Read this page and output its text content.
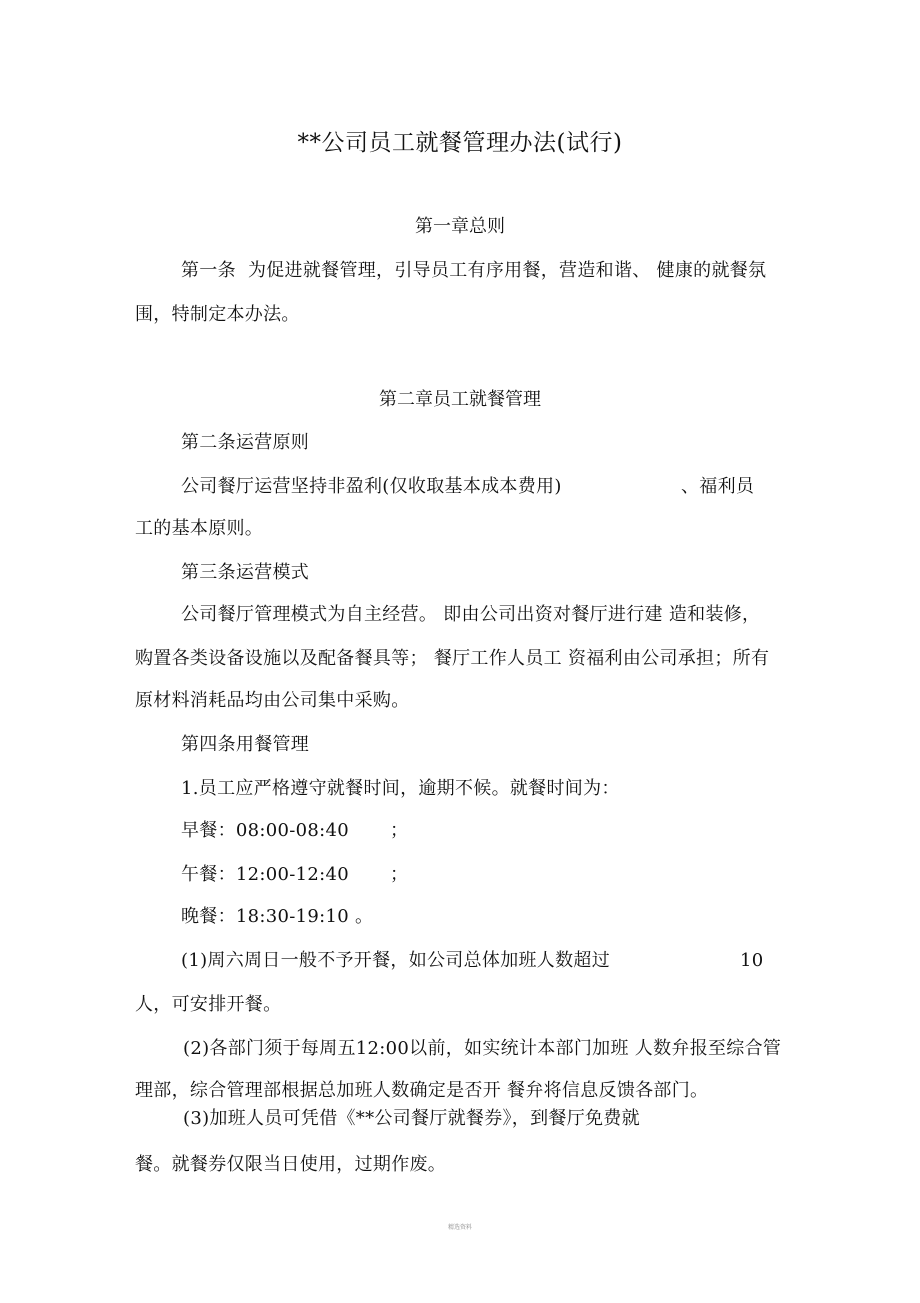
**公司员工就餐管理办法(试行)
第一章总则
第一条  为促进就餐管理，引导员工有序用餐，营造和谐、 健康的就餐氛
围，特制定本办法。
第二章员工就餐管理
第二条运营原则
公司餐厅运营坚持非盈利(仅收取基本成本费用)	、福利员
工的基本原则。
第三条运营模式
公司餐厅管理模式为自主经营。 即由公司出资对餐厅进行建 造和装修，
购置各类设备设施以及配备餐具等； 餐厅工作人员工 资福利由公司承担；所有
原材料消耗品均由公司集中采购。
第四条用餐管理
1.员工应严格遵守就餐时间，逾期不候。就餐时间为：
早餐：08:00-08:40 ；
午餐：12:00-12:40 ；
晚餐：18:30-19:10 。
(1)周六周日一般不予开餐，如公司总体加班人数超过	10
人，可安排开餐。
(2)各部门须于每周五12:00以前，如实统计本部门加班 人数弁报至综合管
理部，综合管理部根据总加班人数确定是否开 餐弁将信息反馈各部门。
(3)加班人员可凭借《**公司餐厅就餐券》，到餐厅免费就
餐。就餐券仅限当日使用，过期作废。
精选资料
